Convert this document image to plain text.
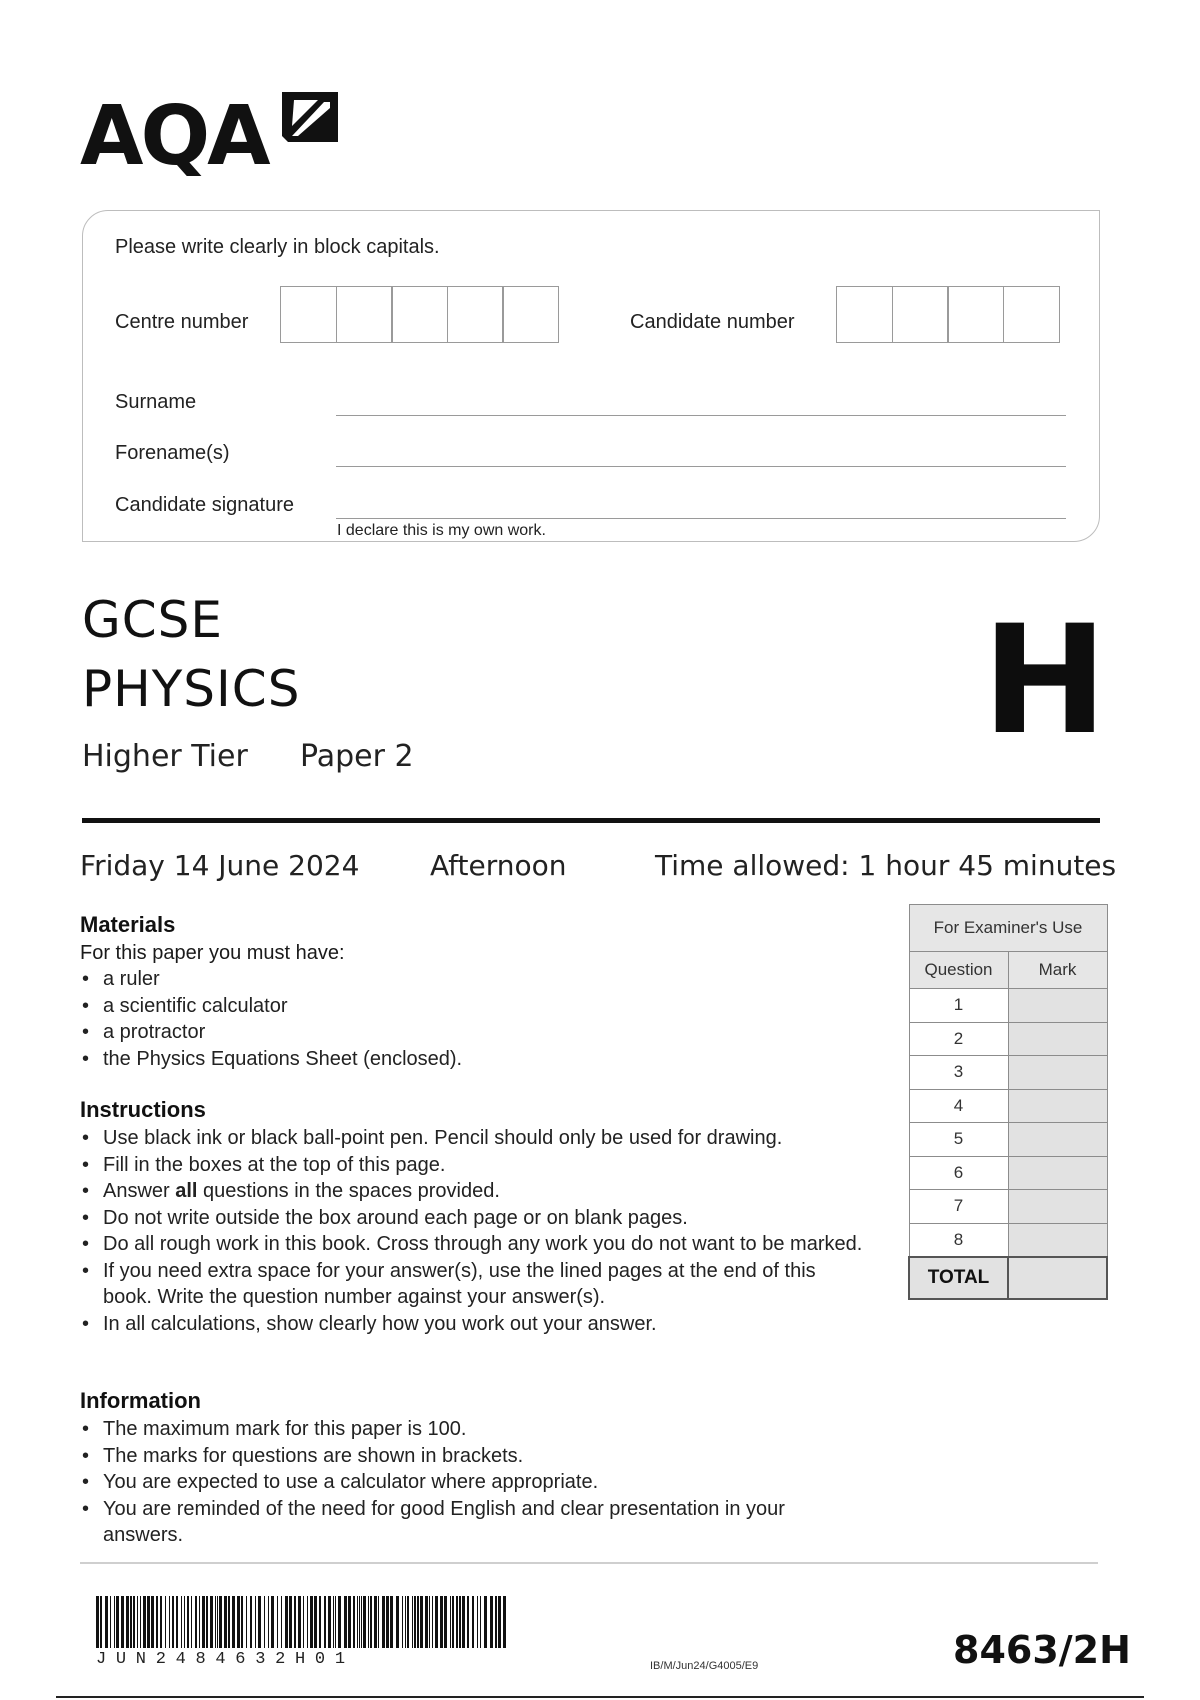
AQA
Please write clearly in block capitals.
Centre number	Candidate number
Surname
Forename(s)
Candidate signature
I declare this is my own work.
GCSE
PHYSICS
Higher Tier Paper 2	H
Friday 14 June 2024	Afternoon	Time allowed: 1 hour 45 minutes
Materials
For this paper you must have:
• a ruler
• a scientific calculator
• a protractor
• the Physics Equations Sheet (enclosed).
Instructions
• Use black ink or black ball-point pen. Pencil should only be used for drawing.
• Fill in the boxes at the top of this page.
• Answer all questions in the spaces provided.
• Do not write outside the box around each page or on blank pages.
• Do all rough work in this book. Cross through any work you do not want to be marked.
• If you need extra space for your answer(s), use the lined pages at the end of this book. Write the question number against your answer(s).
• In all calculations, show clearly how you work out your answer.
Information
• The maximum mark for this paper is 100.
• The marks for questions are shown in brackets.
• You are expected to use a calculator where appropriate.
• You are reminded of the need for good English and clear presentation in your answers.
For Examiner's Use	
Question	Mark
1	
2	
3	
4	
5	
6	
7	
8	
TOTAL	
JUN2484632H01	IB/M/Jun24/G4005/E9	8463/2H
